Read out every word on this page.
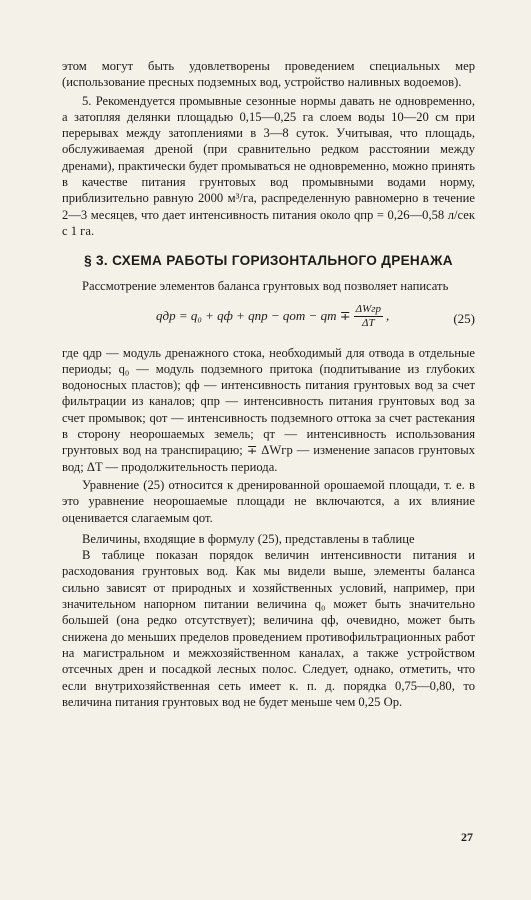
этом могут быть удовлетворены проведением специальных мер (использование пресных подземных вод, устройство наливных водоемов).

5. Рекомендуется промывные сезонные нормы давать не одновременно, а затопляя делянки площадью 0,15—0,25 га слоем воды 10—20 см при перерывах между затоплениями в 3—8 суток. Учитывая, что площадь, обслуживаемая дреной (при сравнительно редком расстоянии между дренами), практически будет промываться не одновременно, можно принять в качестве питания грунтовых вод промывными водами норму, приблизительно равную 2000 м³/га, распределенную равномерно в течение 2—3 месяцев, что дает интенсивность питания около qпр = 0,26—0,58 л/сек с 1 га.

§ 3. СХЕМА РАБОТЫ ГОРИЗОНТАЛЬНОГО ДРЕНАЖА

Рассмотрение элементов баланса грунтовых вод позволяет написать

qдр = q₀ + qф + qпр − qот − qт ∓ $\frac{\text{ΔWгр}}{\Delta T}$ ,	(25)

где qдр — модуль дренажного стока, необходимый для отвода в отдельные периоды; q₀ — модуль подземного притока (подпитывание из глубоких водоносных пластов); qф — интенсивность питания грунтовых вод за счет фильтрации из каналов; qпр — интенсивность питания грунтовых вод за счет промывок; qот — интенсивность подземного оттока за счет растекания в сторону неорошаемых земель; qт — интенсивность использования грунтовых вод на транспирацию; ∓ ΔWгр — изменение запасов грунтовых вод; ΔT — продолжительность периода.

Уравнение (25) относится к дренированной орошаемой площади, т. е. в это уравнение неорошаемые площади не включаются, а их влияние оценивается слагаемым qот.

Величины, входящие в формулу (25), представлены в таблице

В таблице показан порядок величин интенсивности питания и расходования грунтовых вод. Как мы видели выше, элементы баланса сильно зависят от природных и хозяйственных условий, например, при значительном напорном питании величина q₀ может быть значительно большей (она редко отсутствует); величина qф, очевидно, может быть снижена до меньших пределов проведением противофильтрационных работ на магистральном и межхозяйственном каналах, а также устройством отсечных дрен и посадкой лесных полос. Следует, однако, отметить, что если внутрихозяйственная сеть имеет к. п. д. порядка 0,75—0,80, то величина питания грунтовых вод не будет меньше чем 0,25 Oр.

27
